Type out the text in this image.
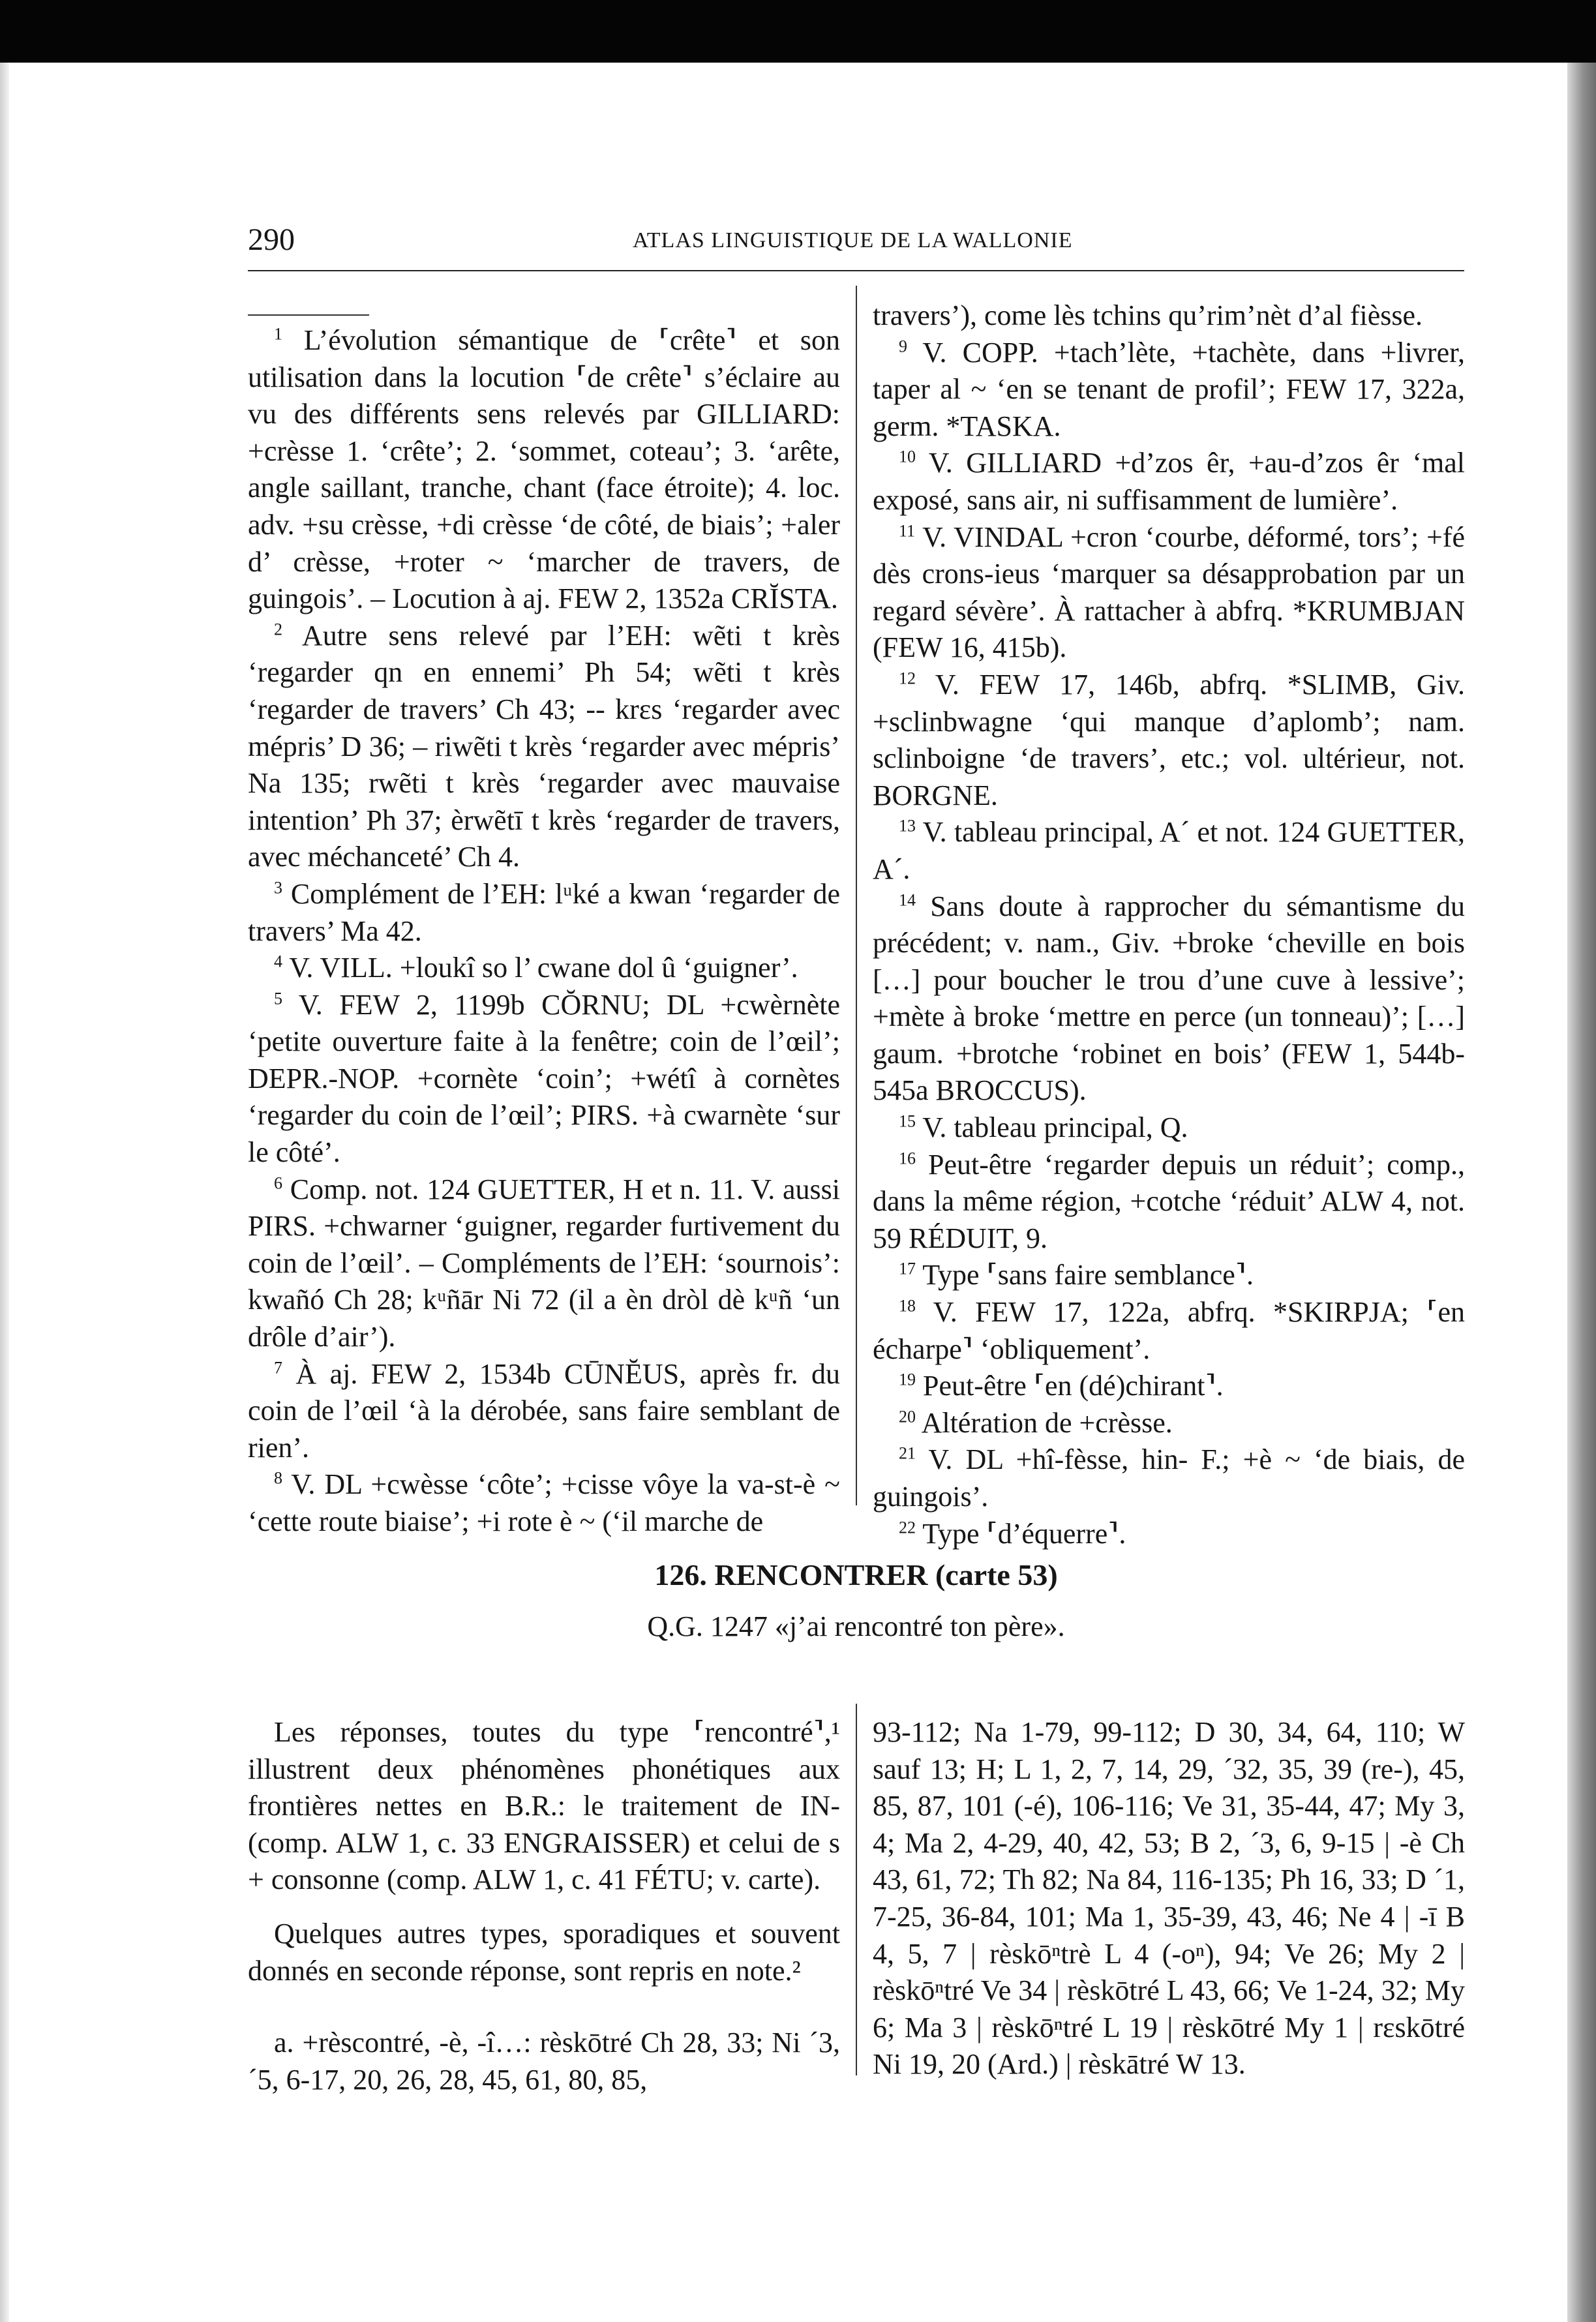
290	ATLAS LINGUISTIQUE DE LA WALLONIE

$^1$ L’évolution sémantique de ⸢crête⸣ et son utilisation dans la locution ⸢de crête⸣ s’éclaire au vu des différents sens relevés par GILLIARD: +crèsse 1. ‘crête’; 2. ‘sommet, coteau’; 3. ‘arête, angle saillant, tranche, chant (face étroite); 4. loc. adv. +su crèsse, +di crèsse ‘de côté, de biais’; +aler d’ crèsse, +roter ~ ‘marcher de travers, de guingois’. – Locution à aj. FEW 2, 1352a CRĬSTA.

$^2$ Autre sens relevé par l’EH: wẽti t krès ‘regarder qn en ennemi’ Ph 54; wẽti t krès ‘regarder de travers’ Ch 43; -- krɛs ‘regarder avec mépris’ D 36; – riwẽti t krès ‘regarder avec mépris’ Na 135; rwẽti t krès ‘regarder avec mauvaise intention’ Ph 37; èrwẽtī t krès ‘regarder de travers, avec méchanceté’ Ch 4.

$^3$ Complément de l’EH: lᵘké a kwan ‘regarder de travers’ Ma 42.

$^4$ V. VILL. +loukî so l’ cwane dol û ‘guigner’.

$^5$ V. FEW 2, 1199b CŎRNU; DL +cwèrnète ‘petite ouverture faite à la fenêtre; coin de l’œil’; DEPR.-NOP. +cornète ‘coin’; +wétî à cornètes ‘regarder du coin de l’œil’; PIRS. +à cwarnète ‘sur le côté’.

$^6$ Comp. not. 124 GUETTER, H et n. 11. V. aussi PIRS. +chwarner ‘guigner, regarder furtivement du coin de l’œil’. – Compléments de l’EH: ‘sournois’: kwañó Ch 28; kᵘñār Ni 72 (il a èn dròl dè kᵘñ ‘un drôle d’air’).

$^7$ À aj. FEW 2, 1534b CŪNĔUS, après fr. du coin de l’œil ‘à la dérobée, sans faire semblant de rien’.

$^8$ V. DL +cwèsse ‘côte’; +cisse vôye la va-st-è ~ ‘cette route biaise’; +i rote è ~ (‘il marche de

travers’), come lès tchins qu’rim’nèt d’al fièsse.

$^9$ V. COPP. +tach’lète, +tachète, dans +livrer, taper al ~ ‘en se tenant de profil’; FEW 17, 322a, germ. *TASKA.

$^{10}$ V. GILLIARD +d’zos êr, +au-d’zos êr ‘mal exposé, sans air, ni suffisamment de lumière’.

$^{11}$ V. VINDAL +cron ‘courbe, déformé, tors’; +fé dès crons-ieus ‘marquer sa désapprobation par un regard sévère’. À rattacher à abfrq. *KRUMBJAN (FEW 16, 415b).

$^{12}$ V. FEW 17, 146b, abfrq. *SLIMB, Giv. +sclinbwagne ‘qui manque d’aplomb’; nam. sclinboigne ‘de travers’, etc.; vol. ultérieur, not. BORGNE.

$^{13}$ V. tableau principal, A´ et not. 124 GUETTER, A´.

$^{14}$ Sans doute à rapprocher du sémantisme du précédent; v. nam., Giv. +broke ‘cheville en bois […] pour boucher le trou d’une cuve à lessive’; +mète à broke ‘mettre en perce (un tonneau)’; […] gaum. +brotche ‘robinet en bois’ (FEW 1, 544b-545a BROCCUS).

$^{15}$ V. tableau principal, Q.

$^{16}$ Peut-être ‘regarder depuis un réduit’; comp., dans la même région, +cotche ‘réduit’ ALW 4, not. 59 RÉDUIT, 9.

$^{17}$ Type ⸢sans faire semblance⸣.

$^{18}$ V. FEW 17, 122a, abfrq. *SKIRPJA; ⸢en écharpe⸣ ‘obliquement’.

$^{19}$ Peut-être ⸢en (dé)chirant⸣.

$^{20}$ Altération de +crèsse.

$^{21}$ V. DL +hî-fèsse, hin- F.; +è ~ ‘de biais, de guingois’.

$^{22}$ Type ⸢d’équerre⸣.

126. RENCONTRER (carte 53)
Q.G. 1247 «j’ai rencontré ton père».

Les réponses, toutes du type ⸢rencontré⸣,¹ illustrent deux phénomènes phonétiques aux frontières nettes en B.R.: le traitement de IN- (comp. ALW 1, c. 33 ENGRAISSER) et celui de s + consonne (comp. ALW 1, c. 41 FÉTU; v. carte).

Quelques autres types, sporadiques et souvent donnés en seconde réponse, sont repris en note.²

a. +rèscontré, -è, -î…: rèskōtré Ch 28, 33; Ni ´3, ´5, 6-17, 20, 26, 28, 45, 61, 80, 85,

93-112; Na 1-79, 99-112; D 30, 34, 64, 110; W sauf 13; H; L 1, 2, 7, 14, 29, ´32, 35, 39 (re-), 45, 85, 87, 101 (-é), 106-116; Ve 31, 35-44, 47; My 3, 4; Ma 2, 4-29, 40, 42, 53; B 2, ´3, 6, 9-15 | -è Ch 43, 61, 72; Th 82; Na 84, 116-135; Ph 16, 33; D ´1, 7-25, 36-84, 101; Ma 1, 35-39, 43, 46; Ne 4 | -ī B 4, 5, 7 | rèskōⁿtrè L 4 (-oⁿ), 94; Ve 26; My 2 | rèskōⁿtré Ve 34 | rèskōtré L 43, 66; Ve 1-24, 32; My 6; Ma 3 | rèskōⁿtré L 19 | rèskōtré My 1 | rɛskōtré Ni 19, 20 (Ard.) | rèskātré W 13.
